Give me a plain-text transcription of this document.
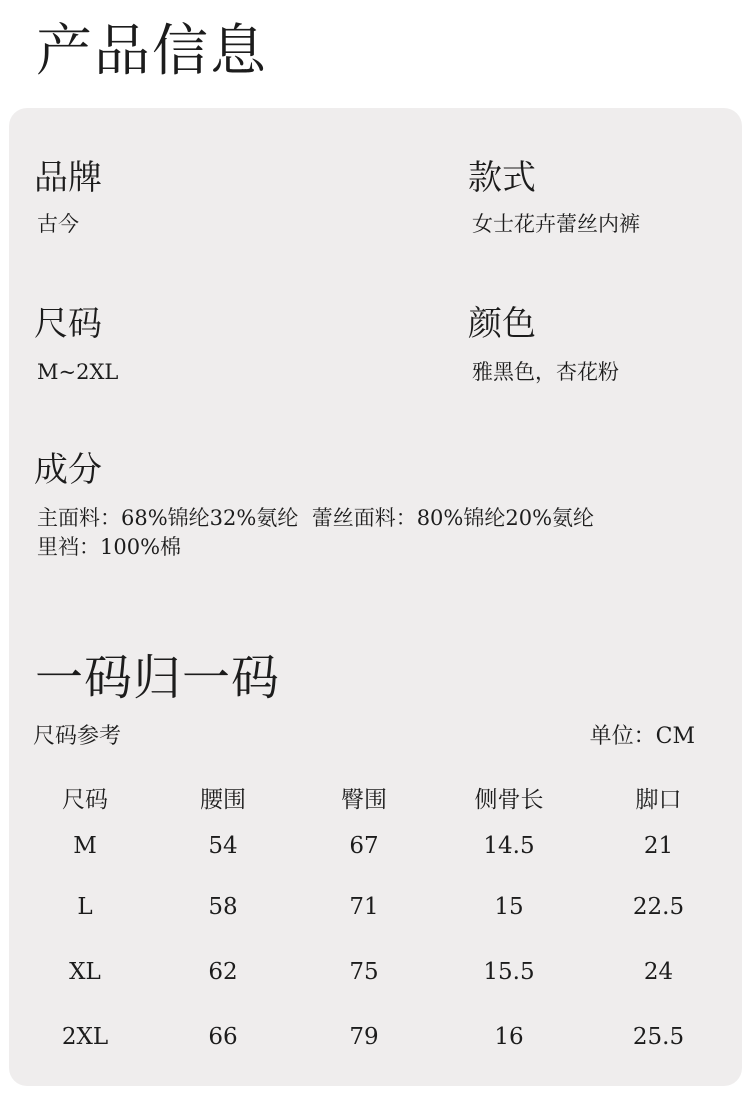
产品信息
品牌
古今
款式
女士花卉蕾丝内裤
尺码
M~2XL
颜色
雅黑色，杏花粉
成分
主面料：68%锦纶32%氨纶  蕾丝面料：80%锦纶20%氨纶
里裆：100%棉
一码归一码
尺码参考	单位：CM
尺码	腰围	臀围	侧骨长	脚口
M	54	67	14.5	21
L	58	71	15	22.5
XL	62	75	15.5	24
2XL	66	79	16	25.5
